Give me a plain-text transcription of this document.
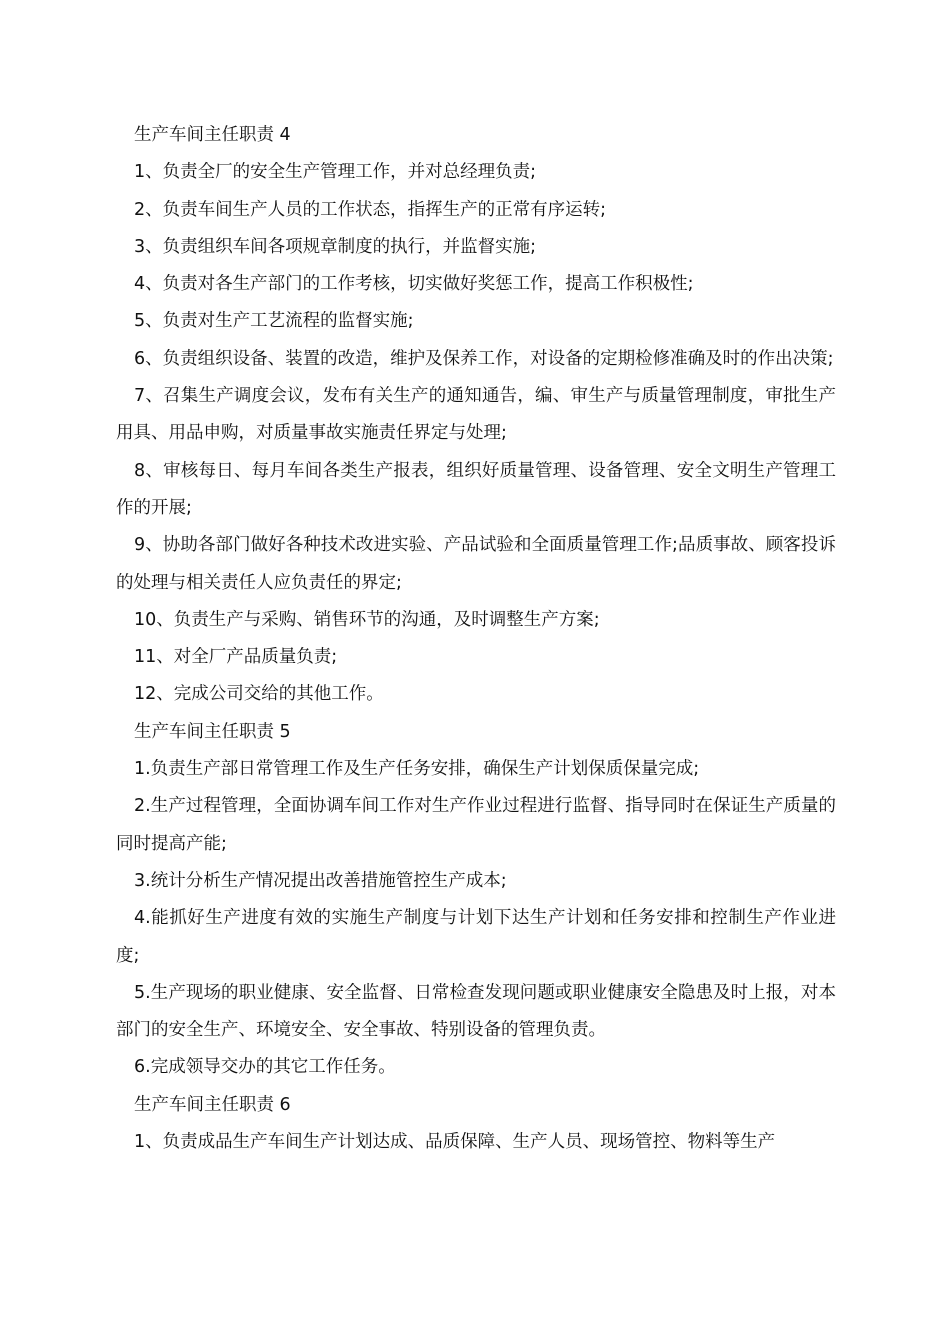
生产车间主任职责 4

1、负责全厂的安全生产管理工作，并对总经理负责;

2、负责车间生产人员的工作状态，指挥生产的正常有序运转;

3、负责组织车间各项规章制度的执行，并监督实施;

4、负责对各生产部门的工作考核，切实做好奖惩工作，提高工作积极性;

5、负责对生产工艺流程的监督实施;

6、负责组织设备、装置的改造，维护及保养工作，对设备的定期检修准确及时的作出决策;

7、召集生产调度会议，发布有关生产的通知通告，编、审生产与质量管理制度，审批生产用具、用品申购，对质量事故实施责任界定与处理;

8、审核每日、每月车间各类生产报表，组织好质量管理、设备管理、安全文明生产管理工作的开展;

9、协助各部门做好各种技术改进实验、产品试验和全面质量管理工作;品质事故、顾客投诉的处理与相关责任人应负责任的界定;

10、负责生产与采购、销售环节的沟通，及时调整生产方案;

11、对全厂产品质量负责;

12、完成公司交给的其他工作。

生产车间主任职责 5

1.负责生产部日常管理工作及生产任务安排，确保生产计划保质保量完成;

2.生产过程管理，全面协调车间工作对生产作业过程进行监督、指导同时在保证生产质量的同时提高产能;

3.统计分析生产情况提出改善措施管控生产成本;

4.能抓好生产进度有效的实施生产制度与计划下达生产计划和任务安排和控制生产作业进度;

5.生产现场的职业健康、安全监督、日常检查发现问题或职业健康安全隐患及时上报，对本部门的安全生产、环境安全、安全事故、特别设备的管理负责。

6.完成领导交办的其它工作任务。

生产车间主任职责 6

1、负责成品生产车间生产计划达成、品质保障、生产人员、现场管控、物料等生产
